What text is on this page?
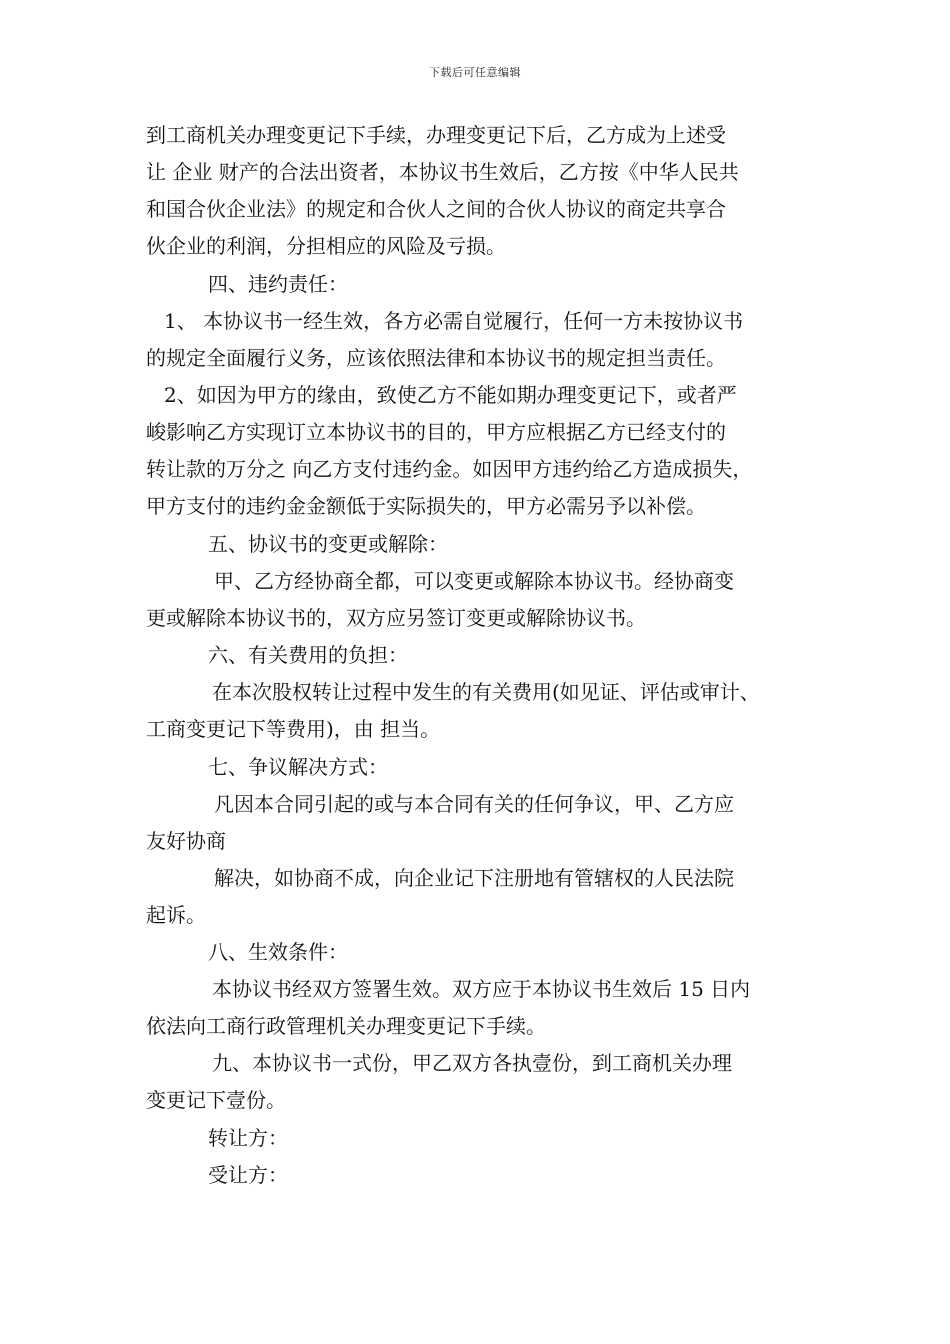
下载后可任意编辑
到工商机关办理变更记下手续，办理变更记下后，乙方成为上述受
让 企业 财产的合法出资者，本协议书生效后，乙方按《中华人民共
和国合伙企业法》的规定和合伙人之间的合伙人协议的商定共享合
伙企业的利润，分担相应的风险及亏损。
四、违约责任：
1、 本协议书一经生效，各方必需自觉履行，任何一方未按协议书
的规定全面履行义务，应该依照法律和本协议书的规定担当责任。
2、如因为甲方的缘由，致使乙方不能如期办理变更记下，或者严
峻影响乙方实现订立本协议书的目的，甲方应根据乙方已经支付的
转让款的万分之 向乙方支付违约金。如因甲方违约给乙方造成损失，
甲方支付的违约金金额低于实际损失的，甲方必需另予以补偿。
五、协议书的变更或解除：
甲、乙方经协商全都，可以变更或解除本协议书。经协商变
更或解除本协议书的，双方应另签订变更或解除协议书。
六、有关费用的负担：
在本次股权转让过程中发生的有关费用(如见证、评估或审计、
工商变更记下等费用)，由 担当。
七、争议解决方式：
凡因本合同引起的或与本合同有关的任何争议，甲、乙方应
友好协商
解决，如协商不成，向企业记下注册地有管辖权的人民法院
起诉。
八、生效条件：
本协议书经双方签署生效。双方应于本协议书生效后 15 日内
依法向工商行政管理机关办理变更记下手续。
九、本协议书一式份，甲乙双方各执壹份，到工商机关办理
变更记下壹份。
转让方：
受让方：
